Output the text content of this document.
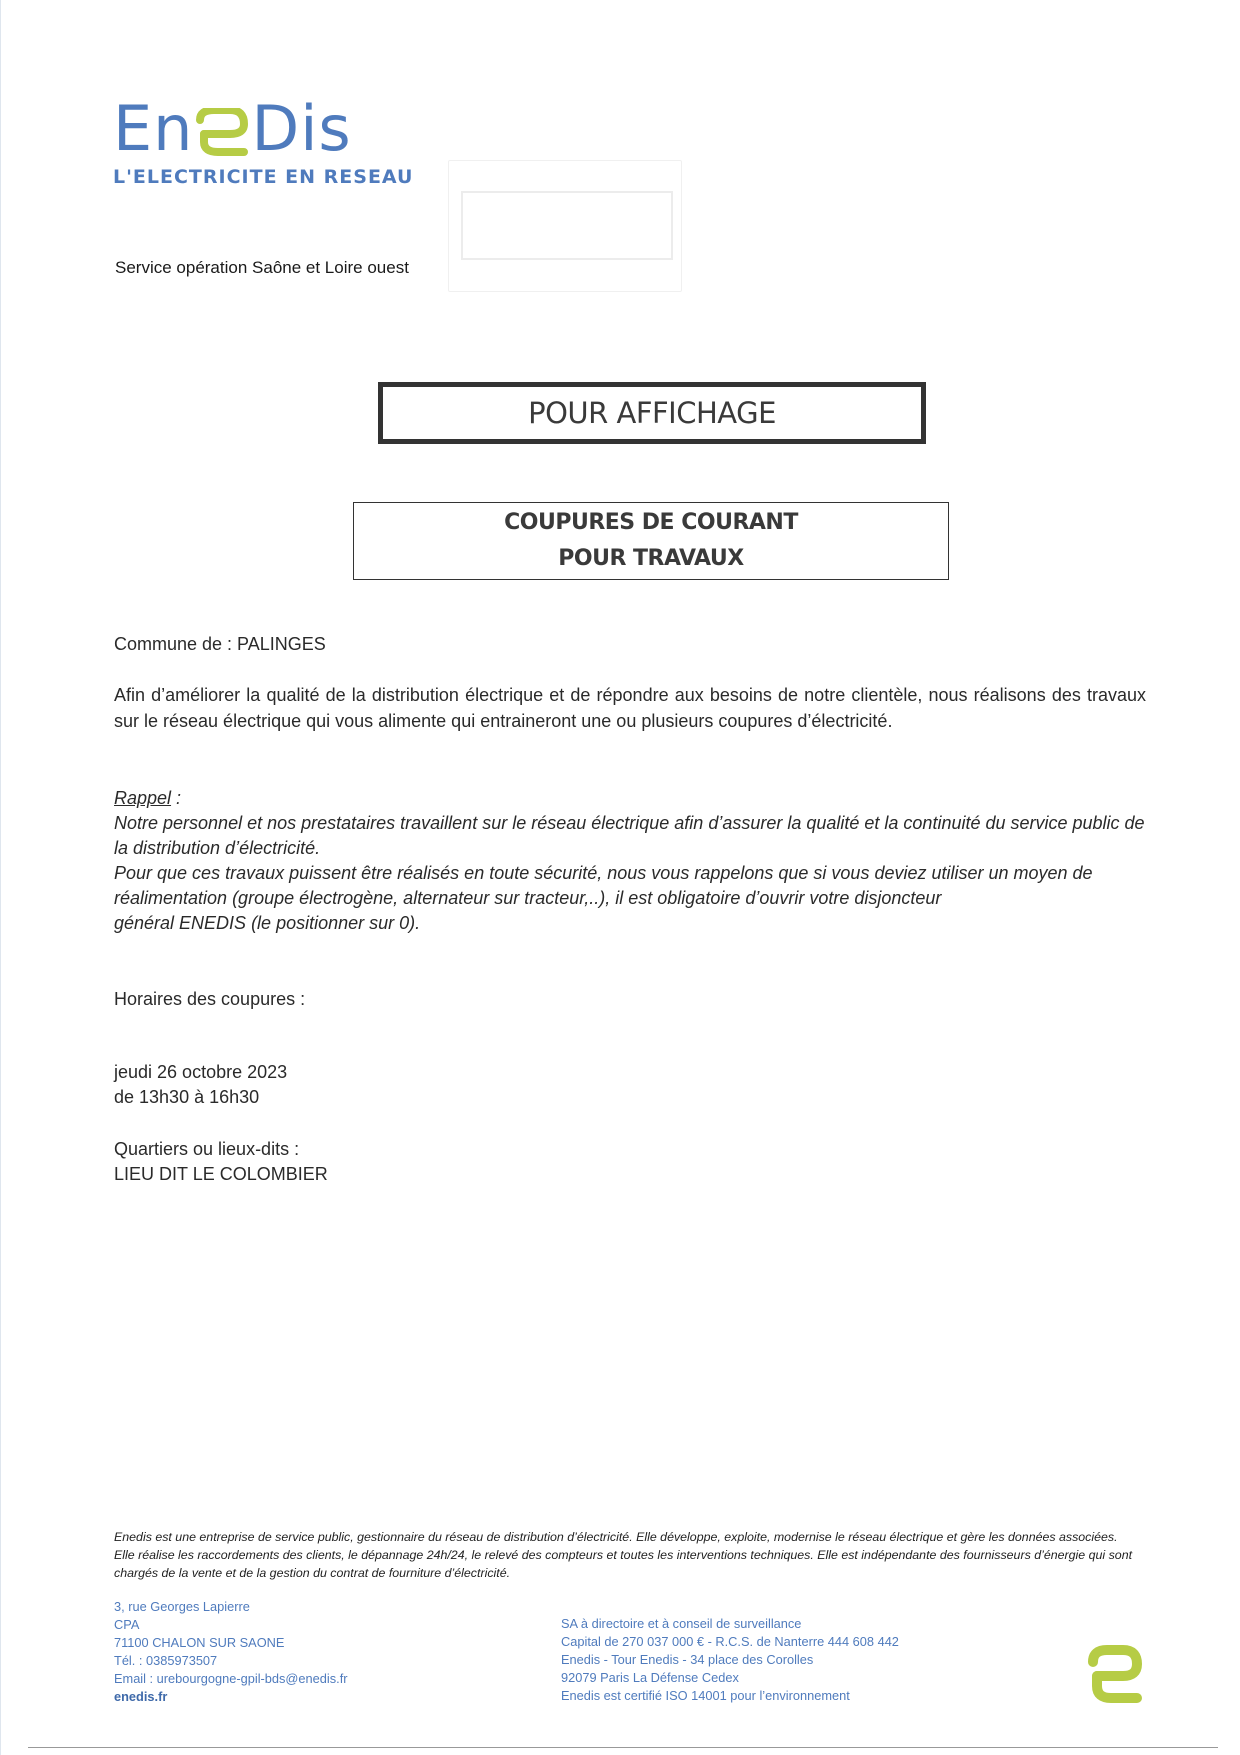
En Dis
L'ELECTRICITE EN RESEAU
Service opération Saône et Loire ouest
POUR AFFICHAGE
COUPURES DE COURANT
POUR TRAVAUX
Commune de : PALINGES
Afin d’améliorer la qualité de la distribution électrique et de répondre aux besoins de notre clientèle, nous réalisons des travaux sur le réseau électrique qui vous alimente qui entraineront une ou plusieurs coupures d’électricité.

Rappel :

Notre personnel et nos prestataires travaillent sur le réseau électrique afin d’assurer la qualité et la continuité du service public de la distribution d’électricité.

Pour que ces travaux puissent être réalisés en toute sécurité, nous vous rappelons que si vous deviez utiliser un moyen de réalimentation (groupe électrogène, alternateur sur tracteur,..), il est obligatoire d’ouvrir votre disjoncteur

général ENEDIS (le positionner sur 0).

Horaires des coupures :
jeudi 26 octobre 2023
de 13h30 à 16h30
Quartiers ou lieux-dits :
LIEU DIT LE COLOMBIER
Enedis est une entreprise de service public, gestionnaire du réseau de distribution d’électricité. Elle développe, exploite, modernise le réseau électrique et gère les données associées. Elle réalise les raccordements des clients, le dépannage 24h/24, le relevé des compteurs et toutes les interventions techniques. Elle est indépendante des fournisseurs d’énergie qui sont chargés de la vente et de la gestion du contrat de fourniture d’électricité.
3, rue Georges Lapierre
CPA
71100 CHALON SUR SAONE
Tél. : 0385973507
Email : urebourgogne-gpil-bds@enedis.fr
enedis.fr
SA à directoire et à conseil de surveillance
Capital de 270 037 000 € - R.C.S. de Nanterre 444 608 442
Enedis - Tour Enedis - 34 place des Corolles
92079 Paris La Défense Cedex
Enedis est certifié ISO 14001 pour l’environnement
